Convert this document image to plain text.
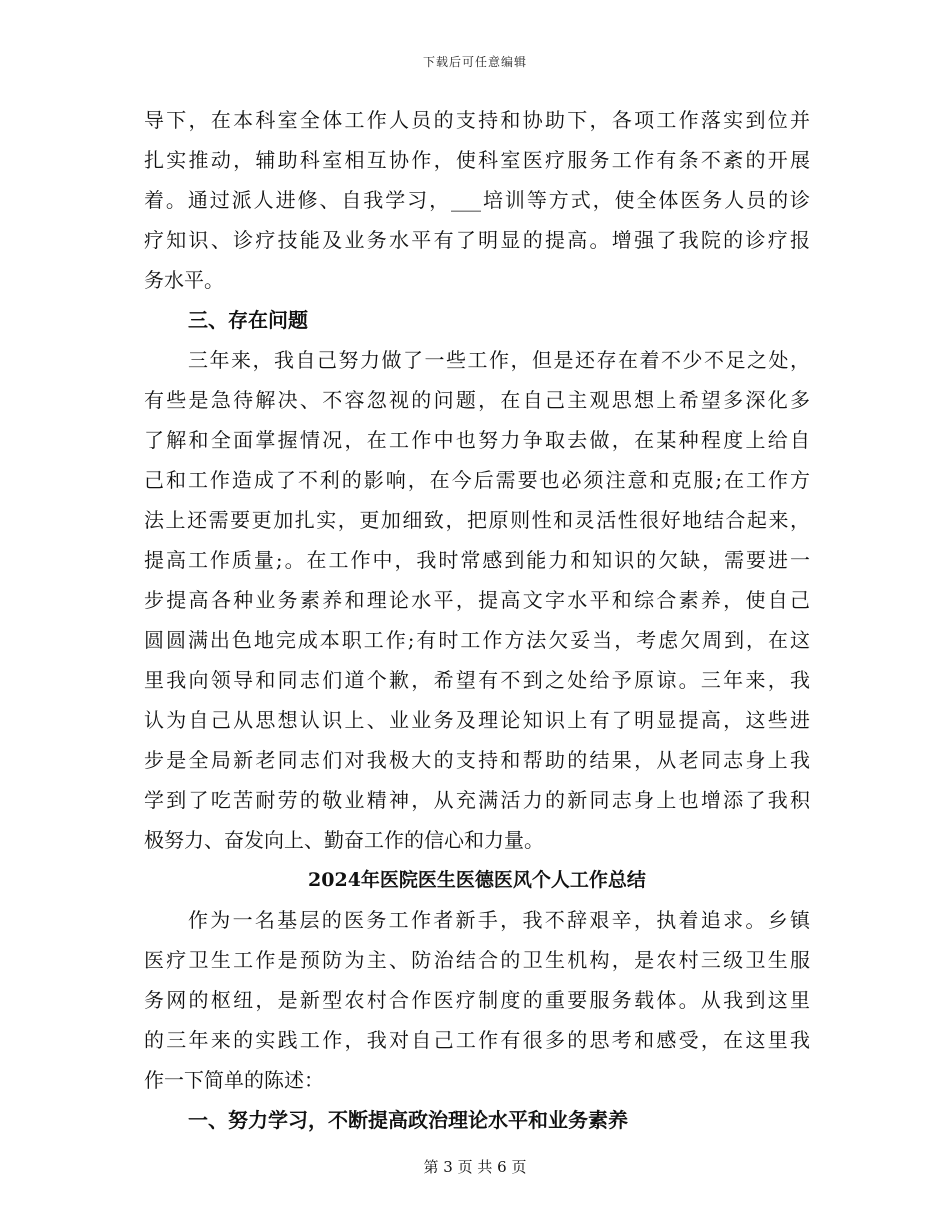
下载后可任意编辑
导下，在本科室全体工作人员的支持和协助下，各项工作落实到位并
扎实推动，辅助科室相互协作，使科室医疗服务工作有条不紊的开展
着。通过派人进修、自我学习，___培训等方式，使全体医务人员的诊
疗知识、诊疗技能及业务水平有了明显的提高。增强了我院的诊疗报
务水平。
三、存在问题
三年来，我自己努力做了一些工作，但是还存在着不少不足之处，
有些是急待解决、不容忽视的问题，在自己主观思想上希望多深化多
了解和全面掌握情况，在工作中也努力争取去做，在某种程度上给自
己和工作造成了不利的影响，在今后需要也必须注意和克服;在工作方
法上还需要更加扎实，更加细致，把原则性和灵活性很好地结合起来，
提高工作质量;。在工作中，我时常感到能力和知识的欠缺，需要进一
步提高各种业务素养和理论水平，提高文字水平和综合素养，使自己
圆圆满出色地完成本职工作;有时工作方法欠妥当，考虑欠周到，在这
里我向领导和同志们道个歉，希望有不到之处给予原谅。三年来，我
认为自己从思想认识上、业业务及理论知识上有了明显提高，这些进
步是全局新老同志们对我极大的支持和帮助的结果，从老同志身上我
学到了吃苦耐劳的敬业精神，从充满活力的新同志身上也增添了我积
极努力、奋发向上、勤奋工作的信心和力量。
2024年医院医生医德医风个人工作总结
作为一名基层的医务工作者新手，我不辞艰辛，执着追求。乡镇
医疗卫生工作是预防为主、防治结合的卫生机构，是农村三级卫生服
务网的枢纽，是新型农村合作医疗制度的重要服务载体。从我到这里
的三年来的实践工作，我对自己工作有很多的思考和感受，在这里我
作一下简单的陈述：
一、努力学习，不断提高政治理论水平和业务素养
第 3 页 共 6 页
